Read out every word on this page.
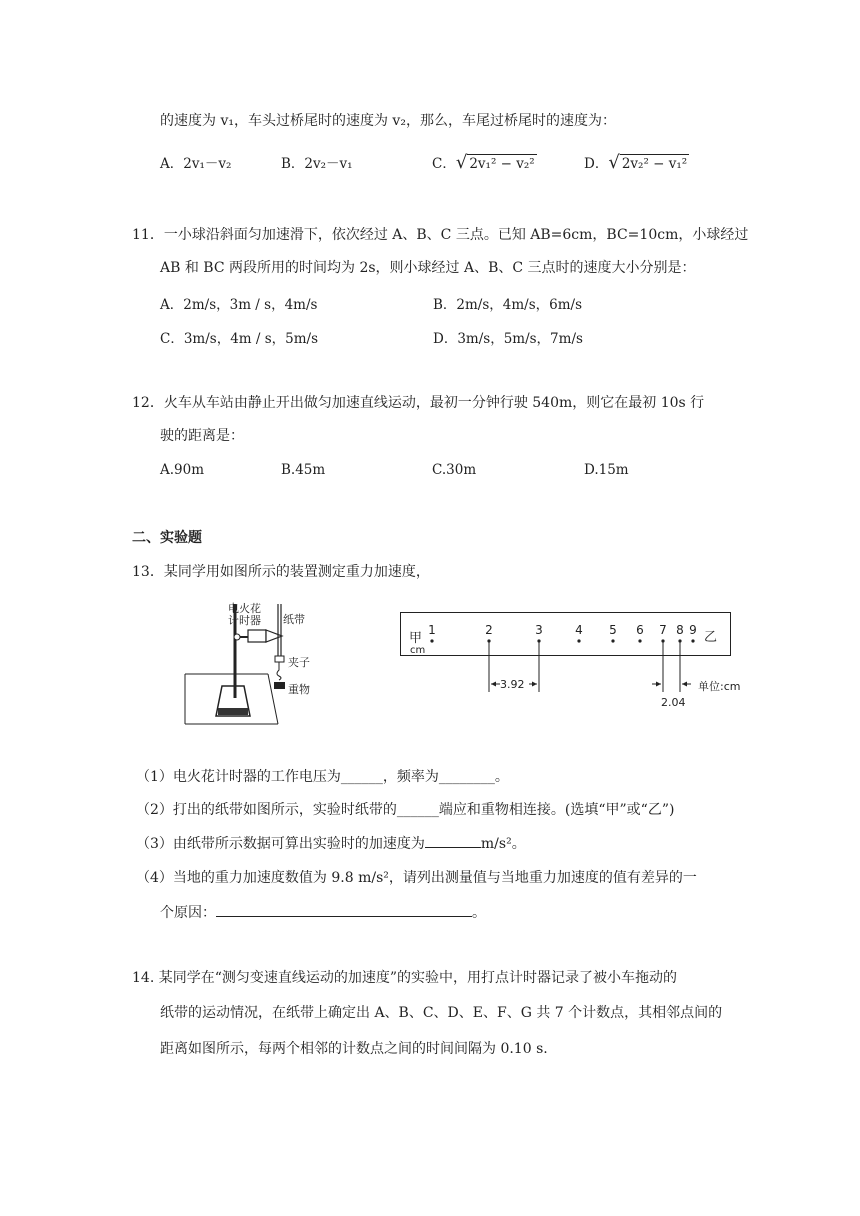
的速度为 v₁，车头过桥尾时的速度为 v₂，那么，车尾过桥尾时的速度为：
A．2v₁－v₂	B．2v₂－v₁	C．√ 2v₁² − v₂²	D．√ 2v₂² − v₁²
11．一小球沿斜面匀加速滑下，依次经过 A、B、C 三点。已知 AB=6cm，BC=10cm，小球经过
AB 和 BC 两段所用的时间均为 2s，则小球经过 A、B、C 三点时的速度大小分别是：
A．2m/s，3m / s，4m/s	B．2m/s，4m/s，6m/s
C．3m/s，4m / s，5m/s	D．3m/s，5m/s，7m/s
12．火车从车站由静止开出做匀加速直线运动，最初一分钟行驶 540m，则它在最初 10s 行
驶的距离是：
A.90m	B.45m	C.30m	D.15m
二、实验题
13．某同学用如图所示的装置测定重力加速度，
电火花
计时器 纸带
夹子
重物
1	2	3	4 5 6 7 8 9
甲
cm
乙
3.92
2.04
单位:cm
（1）电火花计时器的工作电压为______，频率为________。
（2）打出的纸带如图所示，实验时纸带的______端应和重物相连接。(选填“甲”或“乙”)
（3）由纸带所示数据可算出实验时的加速度为	m/s²。
（4）当地的重力加速度数值为 9.8 m/s²，请列出测量值与当地重力加速度的值有差异的一
个原因：	。
14. 某同学在“测匀变速直线运动的加速度”的实验中，用打点计时器记录了被小车拖动的
纸带的运动情况，在纸带上确定出 A、B、C、D、E、F、G 共 7 个计数点，其相邻点间的
距离如图所示，每两个相邻的计数点之间的时间间隔为 0.10 s.
